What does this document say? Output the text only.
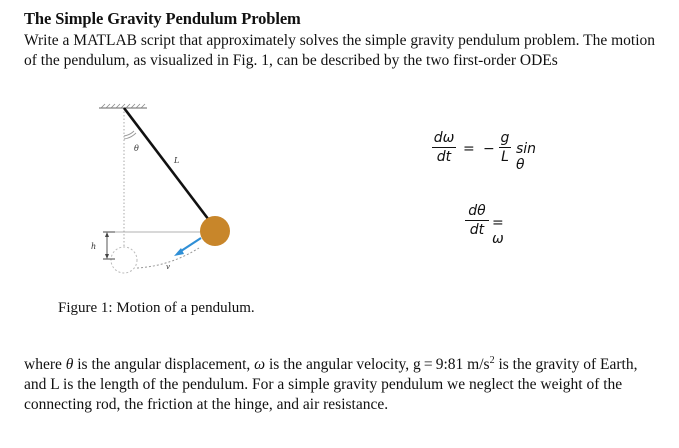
The Simple Gravity Pendulum Problem
Write a MATLAB script that approximately solves the simple gravity pendulum problem. The motion of the pendulum, as visualized in Fig. 1, can be described by the two first-order ODEs
θ
L
h
v
Figure 1: Motion of a pendulum.
dω
dt = −
g
L sin θ
dθ
dt = ω
where θ is the angular displacement, ω is the angular velocity, g = 9:81 $m/s^2$ is the gravity of Earth, and L is the length of the pendulum. For a simple gravity pendulum we neglect the weight of the connecting rod, the friction at the hinge, and air resistance.
